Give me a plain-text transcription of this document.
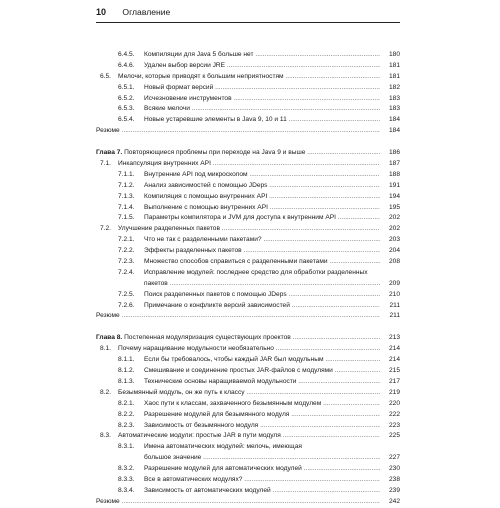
10 Оглавление
6.4.5. Компиляции для Java 5 больше нет .....	180
6.4.6. Удален выбор версии JRE .....	181
6.5. Мелочи, которые приводят к большим неприятностям .....	181
6.5.1. Новый формат версий .....	182
6.5.2. Исчезновение инструментов .....	183
6.5.3. Всякие мелочи .....	183
6.5.4. Новые устаревшие элементы в Java 9, 10 и 11 .....	184
Резюме .....	184
Глава 7. Повторяющиеся проблемы при переходе на Java 9 и выше .....	186
7.1. Инкапсуляция внутренних API .....	187
7.1.1. Внутренние API под микроскопом .....	188
7.1.2. Анализ зависимостей с помощью JDeps .....	191
7.1.3. Компиляция с помощью внутренних API .....	194
7.1.4. Выполнение с помощью внутренних API .....	195
7.1.5. Параметры компилятора и JVM для доступа к внутренним API .....	202
7.2. Улучшение разделенных пакетов .....	202
7.2.1. Что не так с разделенными пакетами? .....	203
7.2.2. Эффекты разделенных пакетов .....	204
7.2.3. Множество способов справиться с разделенными пакетами .....	208
7.2.4. Исправление модулей: последнее средство для обработки разделенных
пакетов .....	209
7.2.5. Поиск разделенных пакетов с помощью JDeps .....	210
7.2.6. Примечание о конфликте версий зависимостей .....	211
Резюме .....	211
Глава 8. Постепенная модуляризация существующих проектов .....	213
8.1. Почему наращивание модульности необязательно .....	214
8.1.1. Если бы требовалось, чтобы каждый JAR был модульным .....	214
8.1.2. Смешивание и соединение простых JAR-файлов с модулями .....	215
8.1.3. Технические основы наращиваемой модульности .....	217
8.2. Безымянный модуль, он же путь к классу .....	219
8.2.1. Хаос пути к классам, захваченного безымянным модулем .....	220
8.2.2. Разрешение модулей для безымянного модуля .....	222
8.2.3. Зависимость от безымянного модуля .....	223
8.3. Автоматические модули: простые JAR в пути модуля .....	225
8.3.1. Имена автоматических модулей: мелочь, имеющая
большое значение .....	227
8.3.2. Разрешение модулей для автоматических модулей .....	230
8.3.3. Все в автоматических модулях? .....	238
8.3.4. Зависимость от автоматических модулей .....	239
Резюме .....	242
